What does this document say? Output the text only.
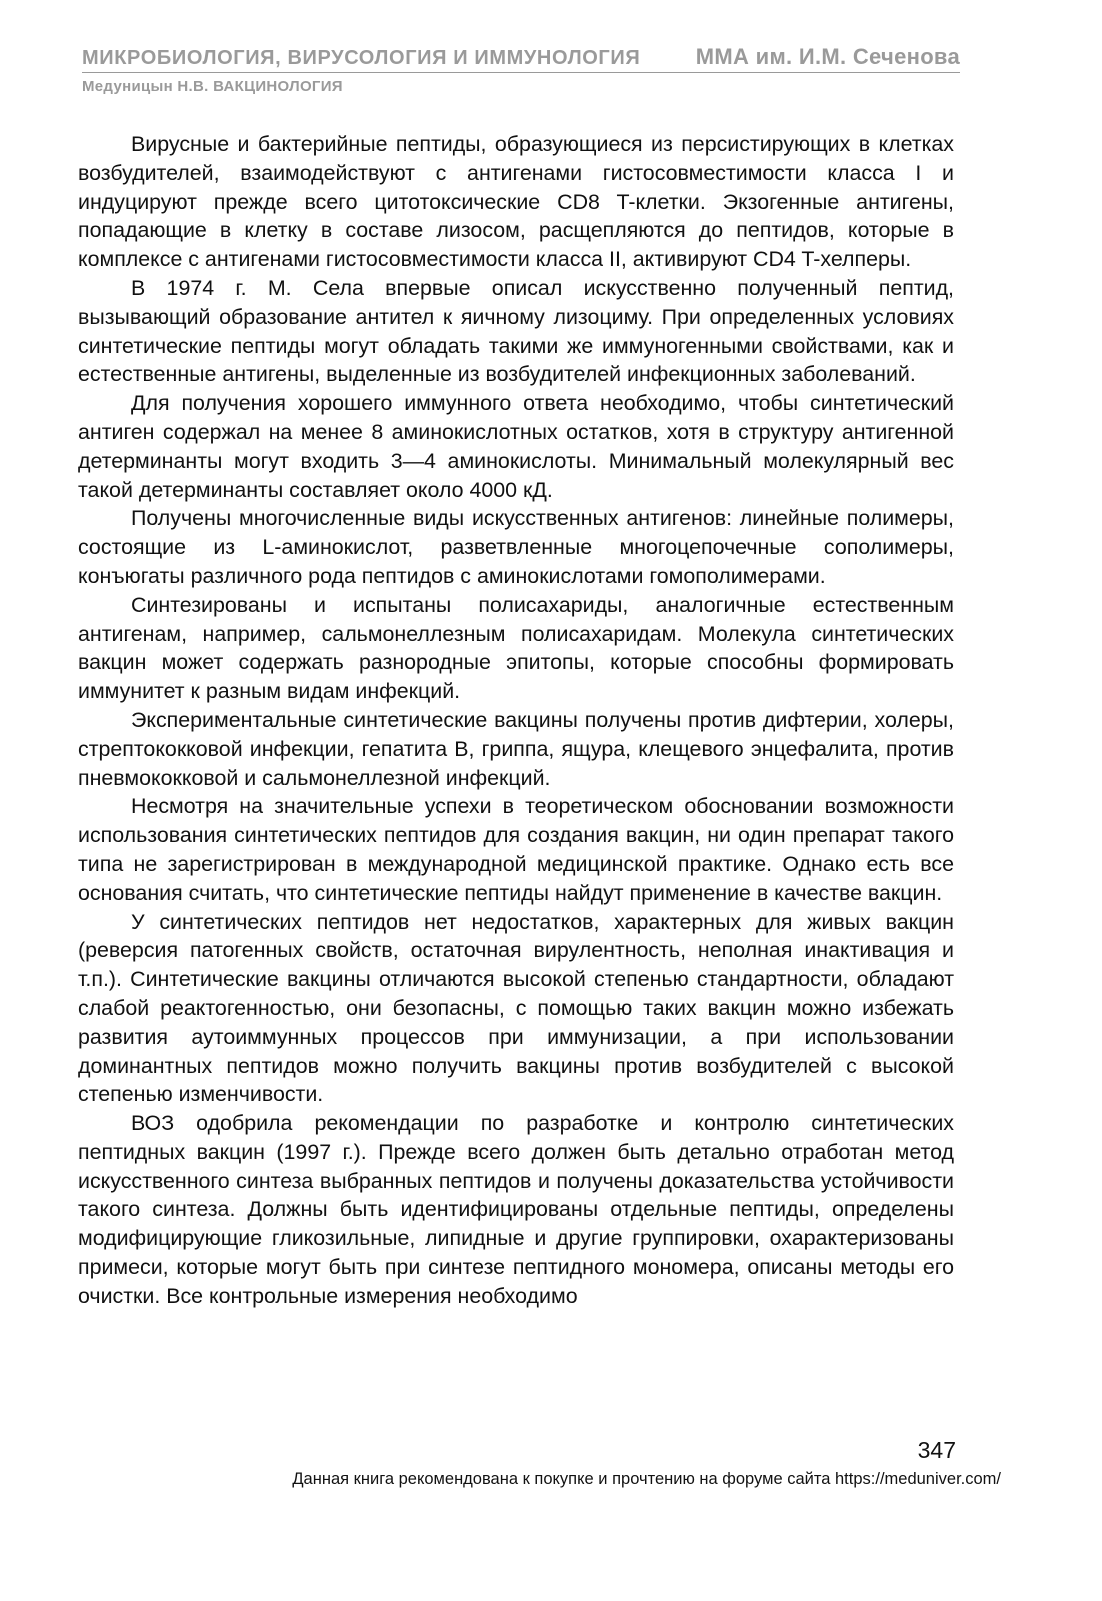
МИКРОБИОЛОГИЯ, ВИРУСОЛОГИЯ И ИММУНОЛОГИЯ	ММА им. И.М. Сеченова
Медуницын Н.В. ВАКЦИНОЛОГИЯ

Вирусные и бактерийные пептиды, образующиеся из персистирующих в клетках возбудителей, взаимодействуют с антигенами гистосовместимости класса I и индуцируют прежде всего цитотоксические CD8 T-клетки. Экзогенные антигены, попадающие в клетку в составе лизосом, расщепляются до пептидов, которые в комплексе с антигенами гистосовместимости класса II, активируют CD4 T-хелперы.

В 1974 г. М. Села впервые описал искусственно полученный пептид, вызывающий образование антител к яичному лизоциму. При определенных условиях синтетические пептиды могут обладать такими же иммуногенными свойствами, как и естественные антигены, выделенные из возбудителей инфекционных заболеваний.

Для получения хорошего иммунного ответа необходимо, чтобы синтетический антиген содержал на менее 8 аминокислотных остатков, хотя в структуру антигенной детерминанты могут входить 3—4 аминокислоты. Минимальный молекулярный вес такой детерминанты составляет около 4000 кД.

Получены многочисленные виды искусственных антигенов: линейные полимеры, состоящие из L-аминокислот, разветвленные многоцепочечные сополимеры, конъюгаты различного рода пептидов с аминокислотами гомополимерами.

Синтезированы и испытаны полисахариды, аналогичные естественным антигенам, например, сальмонеллезным полисахаридам. Молекула синтетических вакцин может содержать разнородные эпитопы, которые способны формировать иммунитет к разным видам инфекций.

Экспериментальные синтетические вакцины получены против дифтерии, холеры, стрептококковой инфекции, гепатита В, гриппа, ящура, клещевого энцефалита, против пневмококковой и сальмонеллезной инфекций.

Несмотря на значительные успехи в теоретическом обосновании возможности использования синтетических пептидов для создания вакцин, ни один препарат такого типа не зарегистрирован в международной медицинской практике. Однако есть все основания считать, что синтетические пептиды найдут применение в качестве вакцин.

У синтетических пептидов нет недостатков, характерных для живых вакцин (реверсия патогенных свойств, остаточная вирулентность, неполная инактивация и т.п.). Синтетические вакцины отличаются высокой степенью стандартности, обладают слабой реактогенностью, они безопасны, с помощью таких вакцин можно избежать развития аутоиммунных процессов при иммунизации, а при использовании доминантных пептидов можно получить вакцины против возбудителей с высокой степенью изменчивости.

ВОЗ одобрила рекомендации по разработке и контролю синтетических пептидных вакцин (1997 г.). Прежде всего должен быть детально отработан метод искусственного синтеза выбранных пептидов и получены доказательства устойчивости такого синтеза. Должны быть идентифицированы отдельные пептиды, определены модифицирующие гликозильные, липидные и другие группировки, охарактеризованы примеси, которые могут быть при синтезе пептидного мономера, описаны методы его очистки. Все контрольные измерения необходимо

347
Данная книга рекомендована к покупке и прочтению на форуме сайта https://meduniver.com/
